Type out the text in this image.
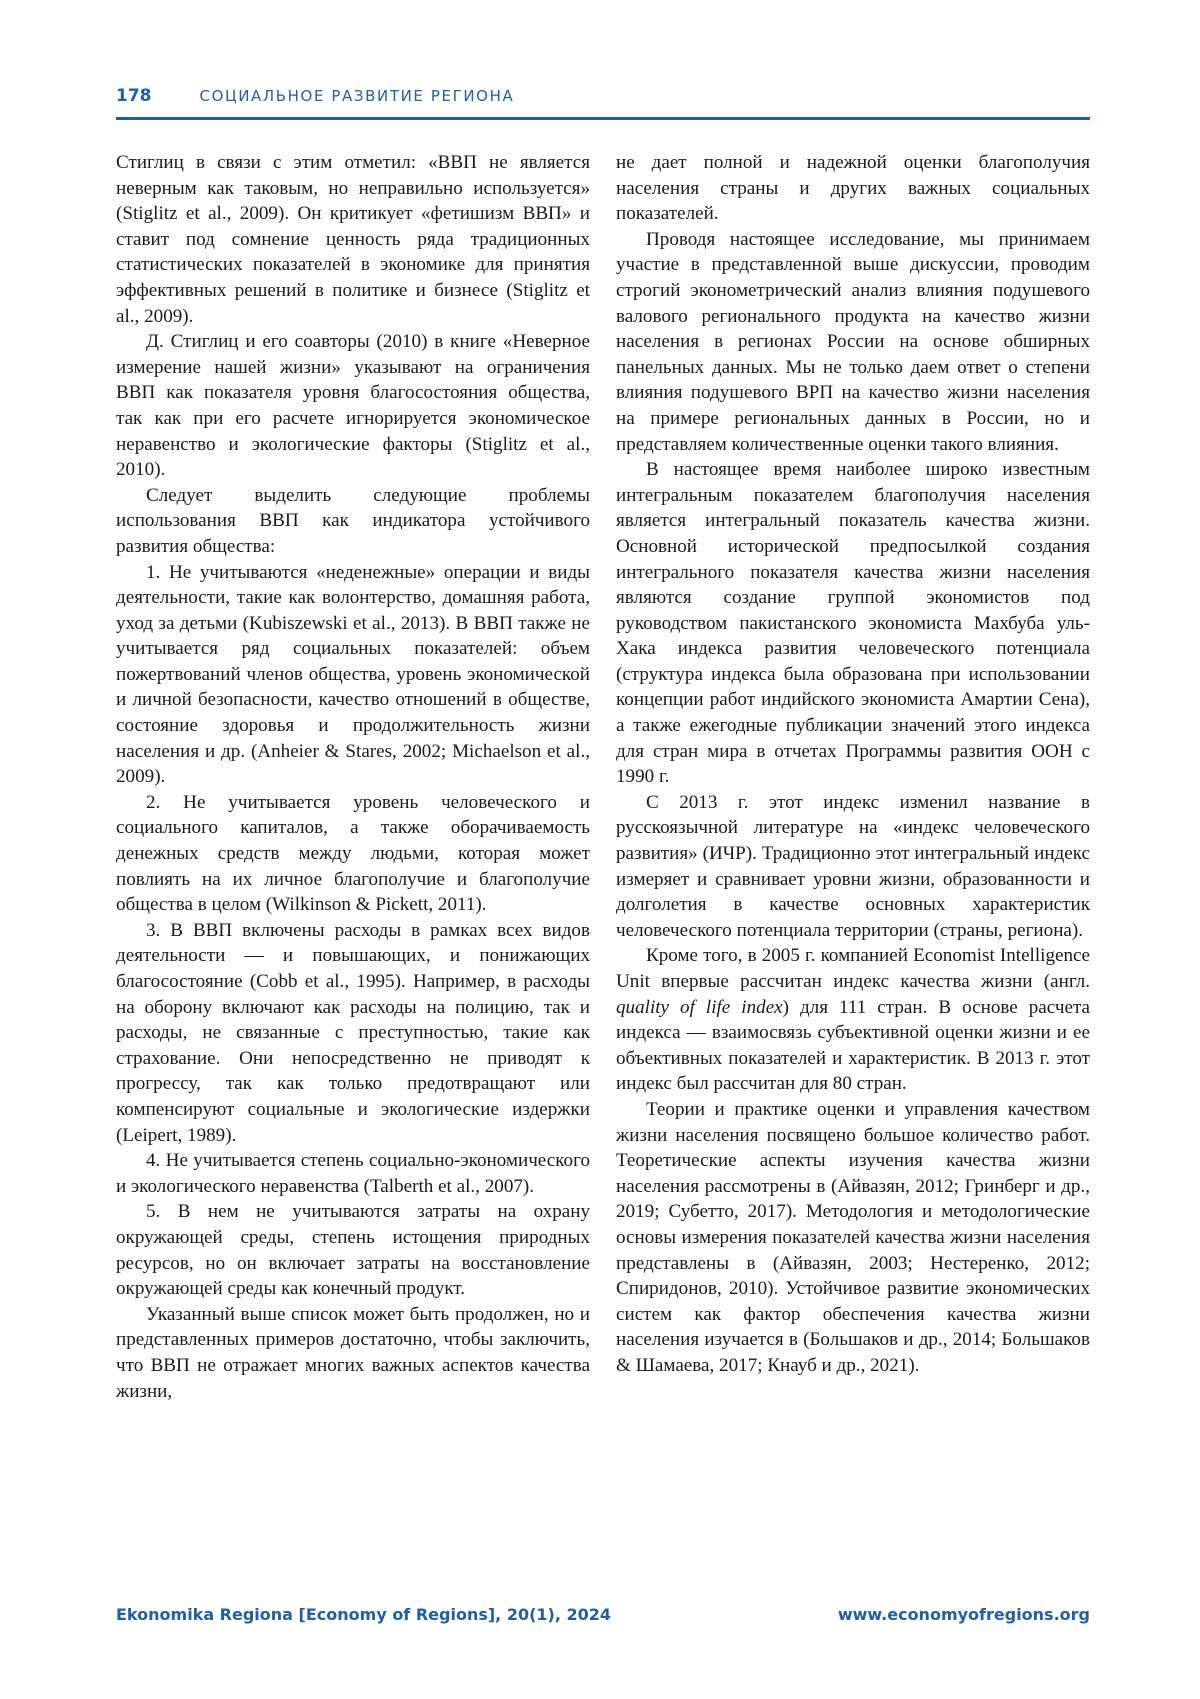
178	СОЦИАЛЬНОЕ РАЗВИТИЕ РЕГИОНА

Стиглиц в связи с этим отметил: «ВВП не является неверным как таковым, но неправильно используется» (Stiglitz et al., 2009). Он критикует «фетишизм ВВП» и ставит под сомнение ценность ряда традиционных статистических показателей в экономике для принятия эффективных решений в политике и бизнесе (Stiglitz et al., 2009).

Д. Стиглиц и его соавторы (2010) в книге «Неверное измерение нашей жизни» указывают на ограничения ВВП как показателя уровня благосостояния общества, так как при его расчете игнорируется экономическое неравенство и экологические факторы (Stiglitz et al., 2010).

Следует выделить следующие проблемы использования ВВП как индикатора устойчивого развития общества:

1. Не учитываются «неденежные» операции и виды деятельности, такие как волонтерство, домашняя работа, уход за детьми (Kubiszewski et al., 2013). В ВВП также не учитывается ряд социальных показателей: объем пожертвований членов общества, уровень экономической и личной безопасности, качество отношений в обществе, состояние здоровья и продолжительность жизни населения и др. (Anheier & Stares, 2002; Michaelson et al., 2009).

2. Не учитывается уровень человеческого и социального капиталов, а также оборачиваемость денежных средств между людьми, которая может повлиять на их личное благополучие и благополучие общества в целом (Wilkinson & Pickett, 2011).

3. В ВВП включены расходы в рамках всех видов деятельности — и повышающих, и понижающих благосостояние (Cobb et al., 1995). Например, в расходы на оборону включают как расходы на полицию, так и расходы, не связанные с преступностью, такие как страхование. Они непосредственно не приводят к прогрессу, так как только предотвращают или компенсируют социальные и экологические издержки (Leipert, 1989).

4. Не учитывается степень социально-экономического и экологического неравенства (Talberth et al., 2007).

5. В нем не учитываются затраты на охрану окружающей среды, степень истощения природных ресурсов, но он включает затраты на восстановление окружающей среды как конечный продукт.

Указанный выше список может быть продолжен, но и представленных примеров достаточно, чтобы заключить, что ВВП не отражает многих важных аспектов качества жизни,

не дает полной и надежной оценки благополучия населения страны и других важных социальных показателей.

Проводя настоящее исследование, мы принимаем участие в представленной выше дискуссии, проводим строгий эконометрический анализ влияния подушевого валового регионального продукта на качество жизни населения в регионах России на основе обширных панельных данных. Мы не только даем ответ о степени влияния подушевого ВРП на качество жизни населения на примере региональных данных в России, но и представляем количественные оценки такого влияния.

В настоящее время наиболее широко известным интегральным показателем благополучия населения является интегральный показатель качества жизни. Основной исторической предпосылкой создания интегрального показателя качества жизни населения являются создание группой экономистов под руководством пакистанского экономиста Махбуба уль-Хака индекса развития человеческого потенциала (структура индекса была образована при использовании концепции работ индийского экономиста Амартии Сена), а также ежегодные публикации значений этого индекса для стран мира в отчетах Программы развития ООН с 1990 г.

С 2013 г. этот индекс изменил название в русскоязычной литературе на «индекс человеческого развития» (ИЧР). Традиционно этот интегральный индекс измеряет и сравнивает уровни жизни, образованности и долголетия в качестве основных характеристик человеческого потенциала территории (страны, региона).

Кроме того, в 2005 г. компанией Economist Intelligence Unit впервые рассчитан индекс качества жизни (англ. quality of life index) для 111 стран. В основе расчета индекса — взаимосвязь субъективной оценки жизни и ее объективных показателей и характеристик. В 2013 г. этот индекс был рассчитан для 80 стран.

Теории и практике оценки и управления качеством жизни населения посвящено большое количество работ. Теоретические аспекты изучения качества жизни населения рассмотрены в (Айвазян, 2012; Гринберг и др., 2019; Субетто, 2017). Методология и методологические основы измерения показателей качества жизни населения представлены в (Айвазян, 2003; Нестеренко, 2012; Спиридонов, 2010). Устойчивое развитие экономических систем как фактор обеспечения качества жизни населения изучается в (Большаков и др., 2014; Большаков & Шамаева, 2017; Кнауб и др., 2021).

Ekonomika Regiona [Economy of Regions], 20(1), 2024	www.economyofregions.org
